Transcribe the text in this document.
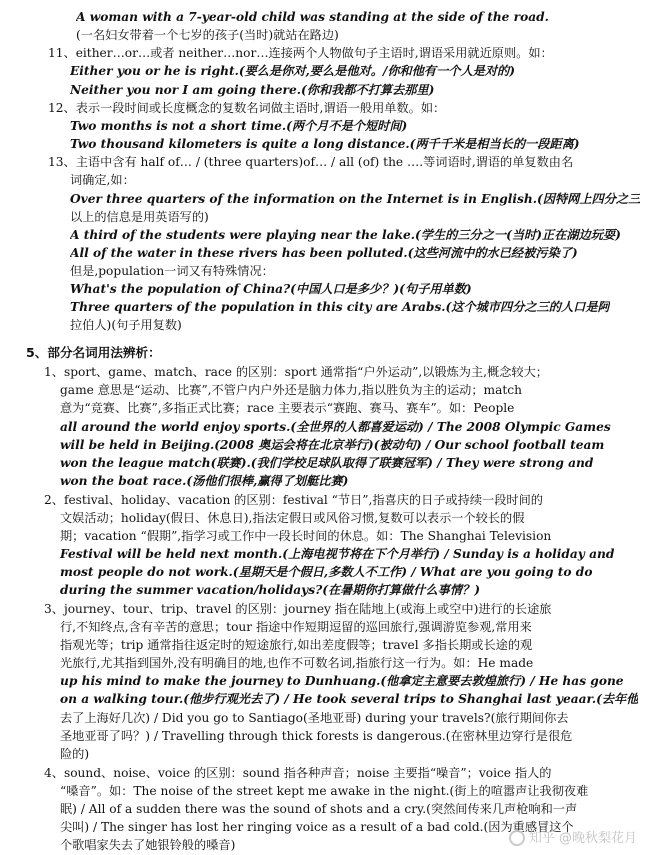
A woman with a 7-year-old child was standing at the side of the road.
(一名妇女带着一个七岁的孩子(当时)就站在路边)
11、either…or…或者 neither…nor…连接两个人物做句子主语时,谓语采用就近原则。如：
Either you or he is right.(要么是你对,要么是他对。/你和他有一个人是对的)
Neither you nor I am going there.(你和我都不打算去那里)
12、表示一段时间或长度概念的复数名词做主语时,谓语一般用单数。如：
Two months is not a short time.(两个月不是个短时间)
Two thousand kilometers is quite a long distance.(两千千米是相当长的一段距离)
13、主语中含有 half of… / (three quarters)of… / all (of) the ….等词语时,谓语的单复数由名
词确定,如：
Over three quarters of the information on the Internet is in English.(因特网上四分之三
以上的信息是用英语写的)
A third of the students were playing near the lake.(学生的三分之一(当时)正在湖边玩耍)
All of the water in these rivers has been polluted.(这些河流中的水已经被污染了)
但是,population一词又有特殊情况：
What's the population of China?(中国人口是多少？)(句子用单数)
Three quarters of the population in this city are Arabs.(这个城市四分之三的人口是阿
拉伯人)(句子用复数)
5、部分名词用法辨析：
1、sport、game、match、race 的区别：sport 通常指“户外运动”,以锻炼为主,概念较大；
game 意思是“运动、比赛”,不管户内户外还是脑力体力,指以胜负为主的运动；match
意为“竞赛、比赛”,多指正式比赛；race 主要表示“赛跑、赛马、赛车”。如：People
all around the world enjoy sports.(全世界的人都喜爱运动) / The 2008 Olympic Games
will be held in Beijing.(2008 奥运会将在北京举行)(被动句) / Our school football team
won the league match(联赛).(我们学校足球队取得了联赛冠军) / They were strong and
won the boat race.(汤他们很棒,赢得了划艇比赛)
2、festival、holiday、vacation 的区别：festival “节日”,指喜庆的日子或持续一段时间的
文娱活动；holiday(假日、休息日),指法定假日或风俗习惯,复数可以表示一个较长的假
期；vacation “假期”,指学习或工作中一段长时间的休息。如：The Shanghai Television
Festival will be held next month.(上海电视节将在下个月举行) / Sunday is a holiday and
most people do not work.(星期天是个假日,多数人不工作) / What are you going to do
during the summer vacation/holidays?(在暑期你打算做什么事情？)
3、journey、tour、trip、travel 的区别：journey 指在陆地上(或海上或空中)进行的长途旅
行,不知终点,含有辛苦的意思；tour 指途中作短期逗留的巡回旅行,强调游览参观,常用来
指观光等；trip 通常指往返定时的短途旅行,如出差度假等；travel 多指长期或长途的观
光旅行,尤其指到国外,没有明确目的地,也作不可数名词,指旅行这一行为。如：He made
up his mind to make the journey to Dunhuang.(他拿定主意要去敦煌旅行) / He has gone
on a walking tour.(他步行观光去了) / He took several trips to Shanghai last yeaar.(去年他
去了上海好几次) / Did you go to Santiago(圣地亚哥) during your travels?(旅行期间你去
圣地亚哥了吗？) / Travelling through thick forests is dangerous.(在密林里边穿行是很危
险的)
4、sound、noise、voice 的区别：sound 指各种声音；noise 主要指“噪音”；voice 指人的
“嗓音”。如：The noise of the street kept me awake in the night.(街上的喧嚣声让我彻夜难
眠) / All of a sudden there was the sound of shots and a cry.(突然间传来几声枪响和一声
尖叫) / The singer has lost her ringing voice as a result of a bad cold.(因为重感冒这个
个歌唱家失去了她银铃般的嗓音)	知乎 @晚秋梨花月
